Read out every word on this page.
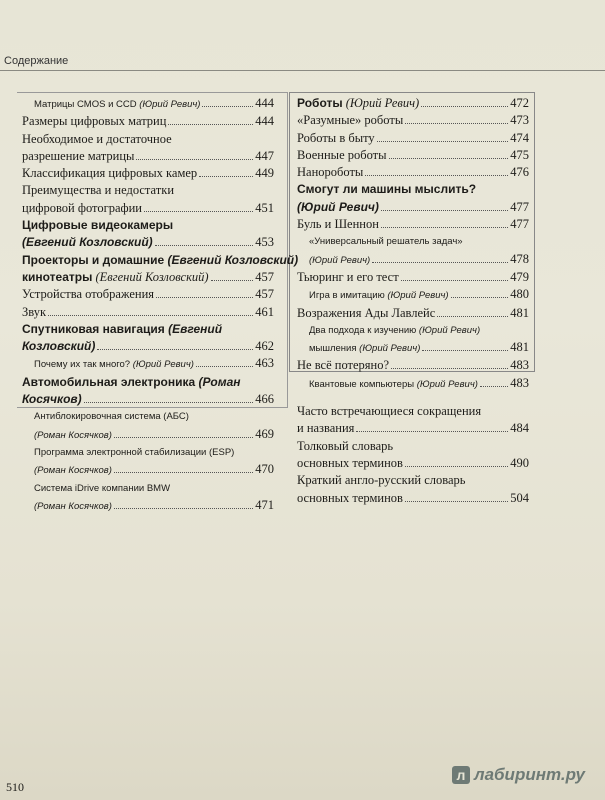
Содержание
Матрицы CMOS и CCD
(Юрий Ревич)	444
Размеры цифровых матриц	444
Необходимое и достаточное
разрешение матрицы	447
Классификация цифровых камер	449
Преимущества и недостатки
цифровой фотографии	451
Цифровые видеокамеры
(Евгений Козловский)	453
Проекторы и домашние (Евгений Козловский)
кинотеатры
(Евгений Козловский)	457
Устройства отображения	457
Звук	461
Спутниковая навигация (Евгений
Козловский)	462
Почему их так много?
(Юрий Ревич)	463
Автомобильная электроника (Роман
Косячков)	466
Антиблокировочная система (АБС)
(Роман Косячков)	469
Программа электронной стабилизации (ESP)
(Роман Косячков)	470
Система iDrive компании BMW
(Роман Косячков)	471
Роботы
(Юрий Ревич)	472
«Разумные» роботы	473
Роботы в быту	474
Военные роботы	475
Нанороботы	476
Смогут ли машины мыслить?
(Юрий Ревич)	477
Буль и Шеннон	477
«Универсальный решатель задач»
(Юрий Ревич)	478
Тьюринг и его тест	479
Игра в имитацию
(Юрий Ревич)	480
Возражения Ады Лавлейс	481
Два подхода к изучению (Юрий Ревич)
мышления
(Юрий Ревич)	481
Не всё потеряно?	483
Квантовые компьютеры
(Юрий Ревич)	483
Часто встречающиеся сокращения
и названия	484
Толковый словарь
основных терминов	490
Краткий англо-русский словарь
основных терминов	504
510
л лабиринт.ру
